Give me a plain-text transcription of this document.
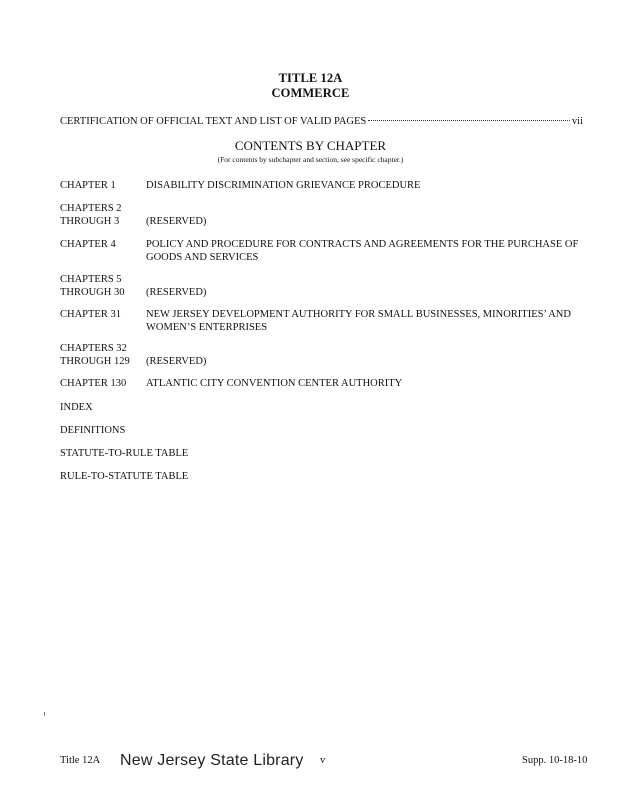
TITLE 12A
COMMERCE
CERTIFICATION OF OFFICIAL TEXT AND LIST OF VALID PAGES	vii
CONTENTS BY CHAPTER
(For contents by subchapter and section, see specific chapter.)
CHAPTER 1	DISABILITY DISCRIMINATION GRIEVANCE PROCEDURE
CHAPTERS 2
THROUGH 3
	(RESERVED)
CHAPTER 4	POLICY AND PROCEDURE FOR CONTRACTS AND AGREEMENTS FOR THE PURCHASE OF
GOODS AND SERVICES
CHAPTERS 5
THROUGH 30
	(RESERVED)
CHAPTER 31	NEW JERSEY DEVELOPMENT AUTHORITY FOR SMALL BUSINESSES, MINORITIES’ AND
WOMEN’S ENTERPRISES
CHAPTERS 32
THROUGH 129
	(RESERVED)
CHAPTER 130	ATLANTIC CITY CONVENTION CENTER AUTHORITY
INDEX
DEFINITIONS
STATUTE-TO-RULE TABLE
RULE-TO-STATUTE TABLE
Title 12A New Jersey State Library v	Supp. 10-18-10
